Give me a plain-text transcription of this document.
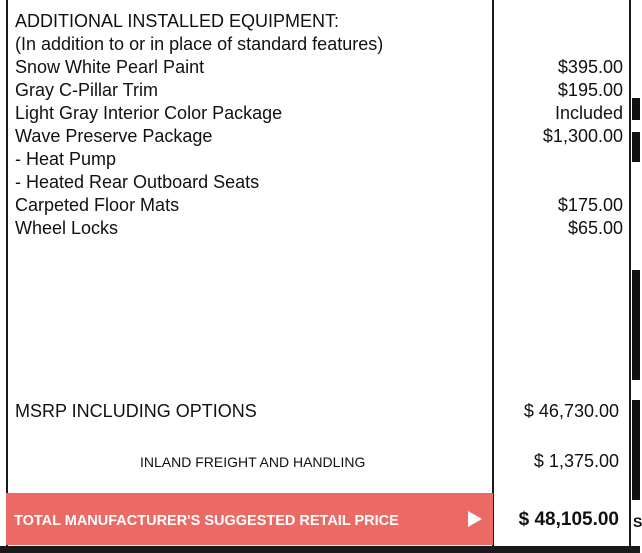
ADDITIONAL INSTALLED EQUIPMENT:
(In addition to or in place of standard features)
Snow White Pearl Paint	$395.00
Gray C-Pillar Trim	$195.00
Light Gray Interior Color Package	Included
Wave Preserve Package	$1,300.00
- Heat Pump
- Heated Rear Outboard Seats
Carpeted Floor Mats	$175.00
Wheel Locks	$65.00
MSRP INCLUDING OPTIONS	$ 46,730.00
INLAND FREIGHT AND HANDLING	$ 1,375.00
TOTAL MANUFACTURER'S SUGGESTED RETAIL PRICE	$ 48,105.00 S
